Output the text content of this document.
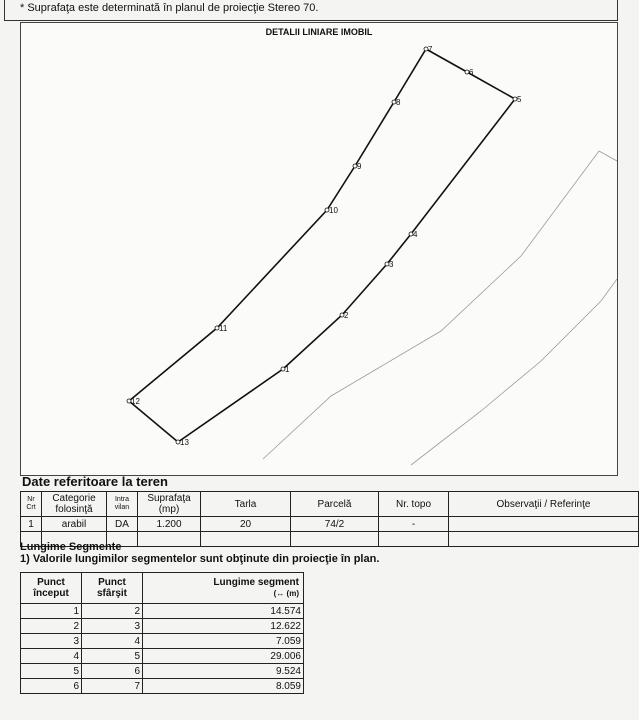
* Suprafaţa este determinată în planul de proiecţie Stereo 70.
DETALII LINIARE IMOBIL
1
2
3
4
5
6
7
8
9
10
11
12
13
Date referitoare la teren
Nr Crt	Categorie folosinţă	Intra vilan	Suprafaţa (mp)	Tarla	Parcelă	Nr. topo	Observaţii / Referinţe
1	arabil	DA	1.200	20	74/2	-	

Lungime Segmente
1) Valorile lungimilor segmentelor sunt obţinute din proiecţie în plan.
Punct început	Punct sfârşit	Lungime segment
(↔ (m)
1	2	14.574
2	3	12.622
3	4	7.059
4	5	29.006
5	6	9.524
6	7	8.059
